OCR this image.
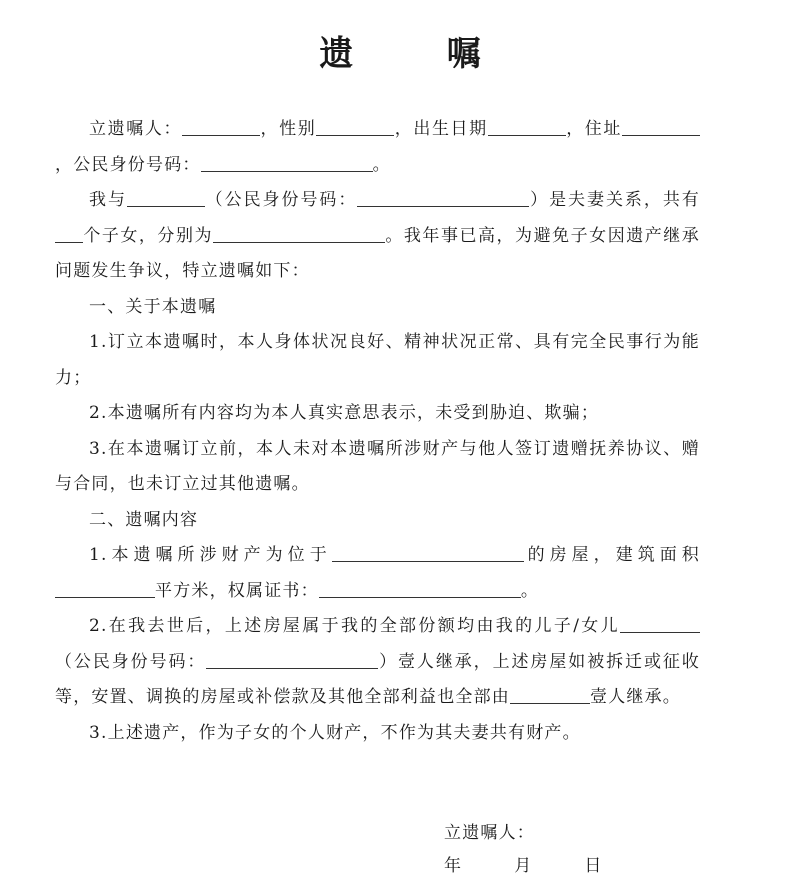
遗 嘱

立遗嘱人：	，性别	，出生日期	，住址，公民身份号码：	。

我与	（公民身份号码：	）是夫妻关系，共有个子女，分别为	。我年事已高，为避免子女因遗产继承问题发生争议，特立遗嘱如下：

一、关于本遗嘱

1.订立本遗嘱时，本人身体状况良好、精神状况正常、具有完全民事行为能力；

2.本遗嘱所有内容均为本人真实意思表示，未受到胁迫、欺骗；

3.在本遗嘱订立前，本人未对本遗嘱所涉财产与他人签订遗赠抚养协议、赠与合同，也未订立过其他遗嘱。

二、遗嘱内容

1.本遗嘱所涉财产为位于	的房屋，建筑面积平方米，权属证书：	。

2.在我去世后，上述房屋属于我的全部份额均由我的儿子/女儿（公民身份号码：	）壹人继承，上述房屋如被拆迁或征收等，安置、调换的房屋或补偿款及其他全部利益也全部由	壹人继承。

3.上述遗产，作为子女的个人财产，不作为其夫妻共有财产。

立遗嘱人：
年	月	日
